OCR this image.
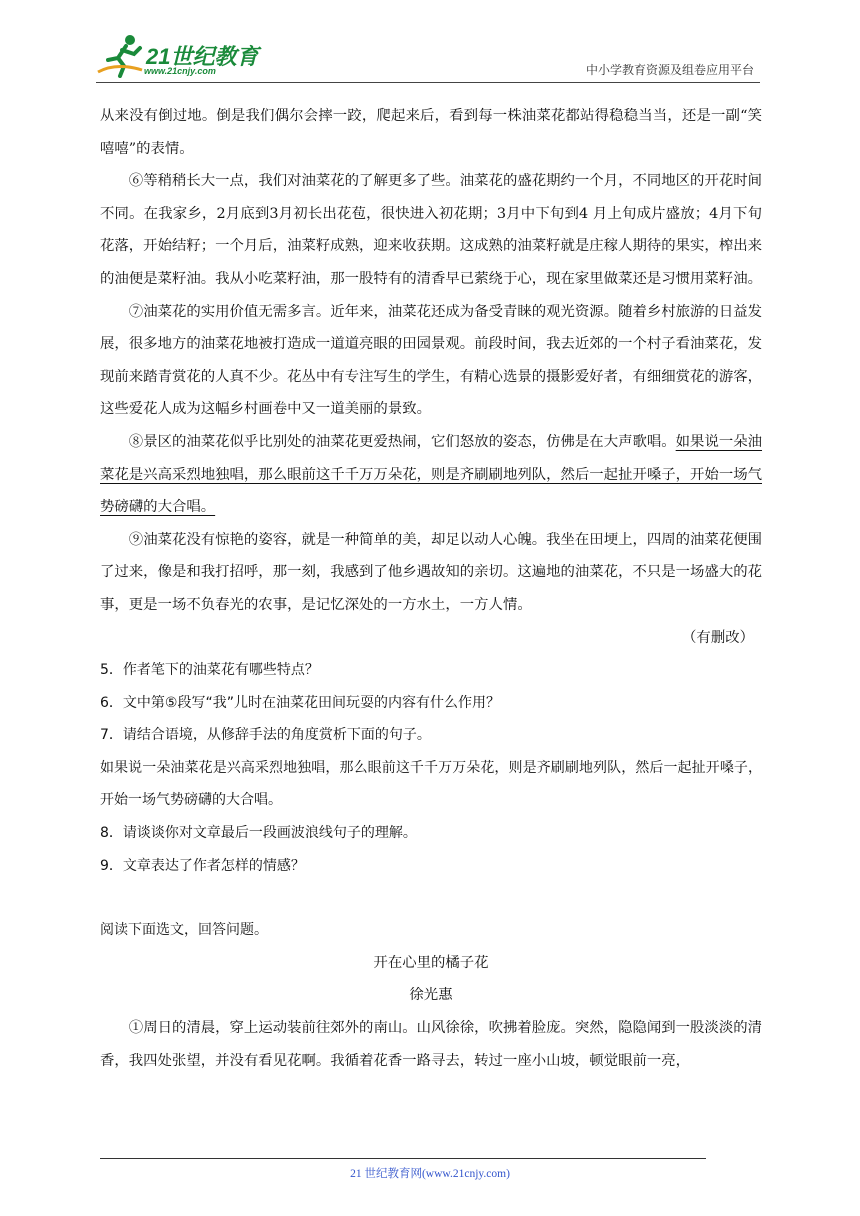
21世纪教育
www.21cnjy.com	中小学教育资源及组卷应用平台

从来没有倒过地。倒是我们偶尔会摔一跤，爬起来后，看到每一株油菜花都站得稳稳当当，还是一副“笑嘻嘻”的表情。

⑥等稍稍长大一点，我们对油菜花的了解更多了些。油菜花的盛花期约一个月，不同地区的开花时间不同。在我家乡，2月底到3月初长出花苞，很快进入初花期；3月中下旬到4 月上旬成片盛放；4月下旬花落，开始结籽；一个月后，油菜籽成熟，迎来收获期。这成熟的油菜籽就是庄稼人期待的果实，榨出来的油便是菜籽油。我从小吃菜籽油，那一股特有的清香早已萦绕于心，现在家里做菜还是习惯用菜籽油。

⑦油菜花的实用价值无需多言。近年来，油菜花还成为备受青睐的观光资源。随着乡村旅游的日益发展，很多地方的油菜花地被打造成一道道亮眼的田园景观。前段时间，我去近郊的一个村子看油菜花，发现前来踏青赏花的人真不少。花丛中有专注写生的学生，有精心选景的摄影爱好者，有细细赏花的游客，这些爱花人成为这幅乡村画卷中又一道美丽的景致。

⑧景区的油菜花似乎比别处的油菜花更爱热闹，它们怒放的姿态，仿佛是在大声歌唱。如果说一朵油菜花是兴高采烈地独唱，那么眼前这千千万万朵花，则是齐刷刷地列队，然后一起扯开嗓子，开始一场气势磅礴的大合唱。

⑨油菜花没有惊艳的姿容，就是一种简单的美，却足以动人心魄。我坐在田埂上，四周的油菜花便围了过来，像是和我打招呼，那一刻，我感到了他乡遇故知的亲切。这遍地的油菜花，不只是一场盛大的花事，更是一场不负春光的农事，是记忆深处的一方水土，一方人情。

（有删改）

5．作者笔下的油菜花有哪些特点？

6．文中第⑤段写“我”儿时在油菜花田间玩耍的内容有什么作用？

7．请结合语境，从修辞手法的角度赏析下面的句子。

如果说一朵油菜花是兴高采烈地独唱，那么眼前这千千万万朵花，则是齐刷刷地列队，然后一起扯开嗓子，开始一场气势磅礴的大合唱。

8．请谈谈你对文章最后一段画波浪线句子的理解。

9．文章表达了作者怎样的情感？

阅读下面选文，回答问题。

开在心里的橘子花

徐光惠

①周日的清晨，穿上运动装前往郊外的南山。山风徐徐，吹拂着脸庞。突然，隐隐闻到一股淡淡的清香，我四处张望，并没有看见花啊。我循着花香一路寻去，转过一座小山坡，顿觉眼前一亮，

21 世纪教育网(www.21cnjy.com)
